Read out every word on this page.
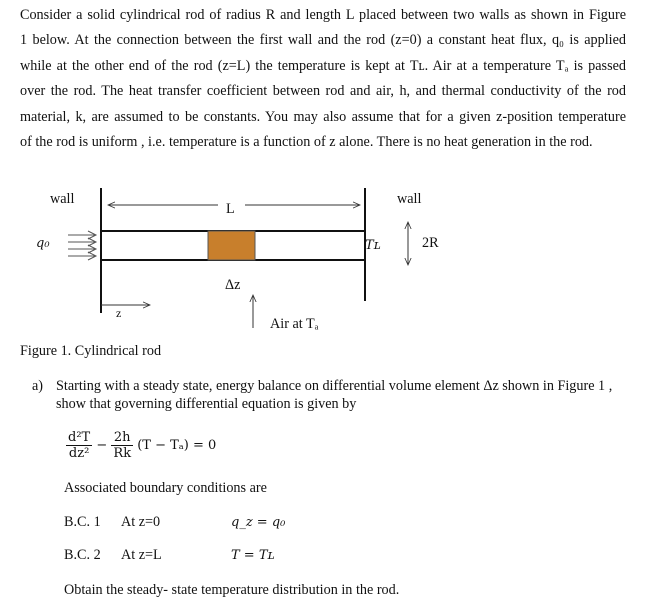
Consider a solid cylindrical rod of radius R and length L placed between two walls as shown in Figure
1 below. At the connection between the first wall and the rod (z=0) a constant heat flux, q₀ is applied
while at the other end of the rod (z=L) the temperature is kept at Tʟ. Air at a temperature Tₐ is passed
over the rod. The heat transfer coefficient between rod and air, h, and thermal conductivity of the rod
material, k, are assumed to be constants. You may also assume that for a given z-position temperature
of the rod is uniform , i.e. temperature is a function of z alone. There is no heat generation in the rod.
wall	wall
L
q₀	Tʟ	2R
Δz
z
Air at Tₐ
Figure 1. Cylindrical rod
a) Starting with a steady state, energy balance on differential volume element Δz shown in Figure 1 , show that governing differential equation is given by
$\frac{\text{d²T}}{\text{dz²}} - \frac{2h}{Rk} (T - T_a) = 0$
Associated boundary conditions are
B.C. 1 At z=0	q_z = q₀
B.C. 2 At z=L	T = Tʟ
Obtain the steady- state temperature distribution in the rod.
